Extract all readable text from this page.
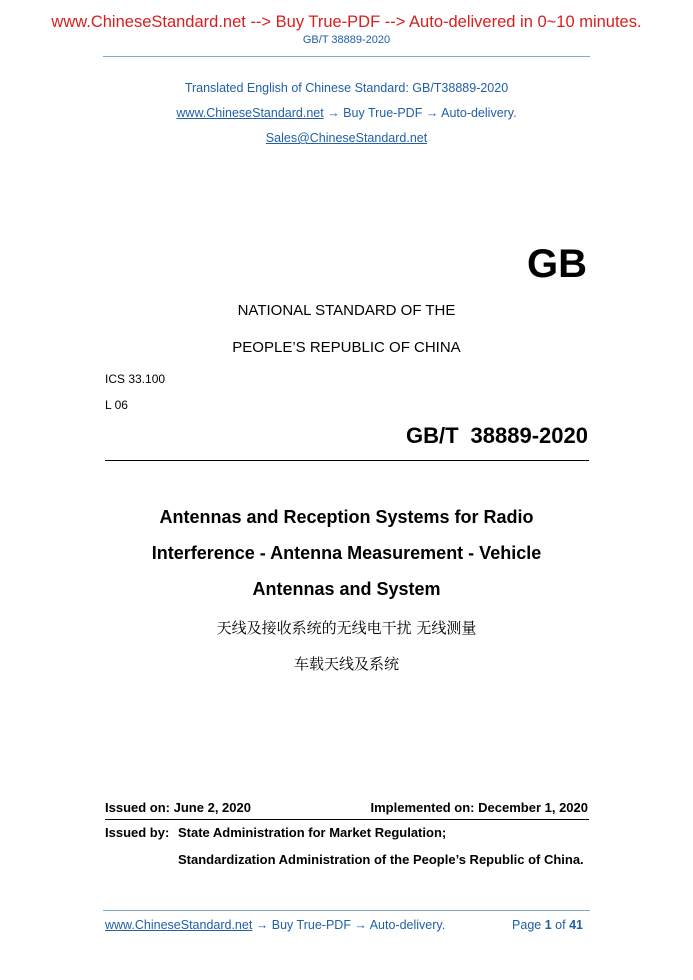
www.ChineseStandard.net --> Buy True-PDF --> Auto-delivered in 0~10 minutes.
GB/T 38889-2020
Translated English of Chinese Standard: GB/T38889-2020
www.ChineseStandard.net → Buy True-PDF → Auto-delivery.
Sales@ChineseStandard.net
GB
NATIONAL STANDARD OF THE
PEOPLE’S REPUBLIC OF CHINA
ICS 33.100
L 06
GB/T 38889-2020
Antennas and Reception Systems for Radio
Interference - Antenna Measurement - Vehicle
Antennas and System
天线及接收系统的无线电干扰 无线测量
车载天线及系统
Issued on: June 2, 2020	Implemented on: December 1, 2020
Issued by: State Administration for Market Regulation;
Standardization Administration of the People’s Republic of China.
www.ChineseStandard.net → Buy True-PDF → Auto-delivery.	Page 1 of 41
